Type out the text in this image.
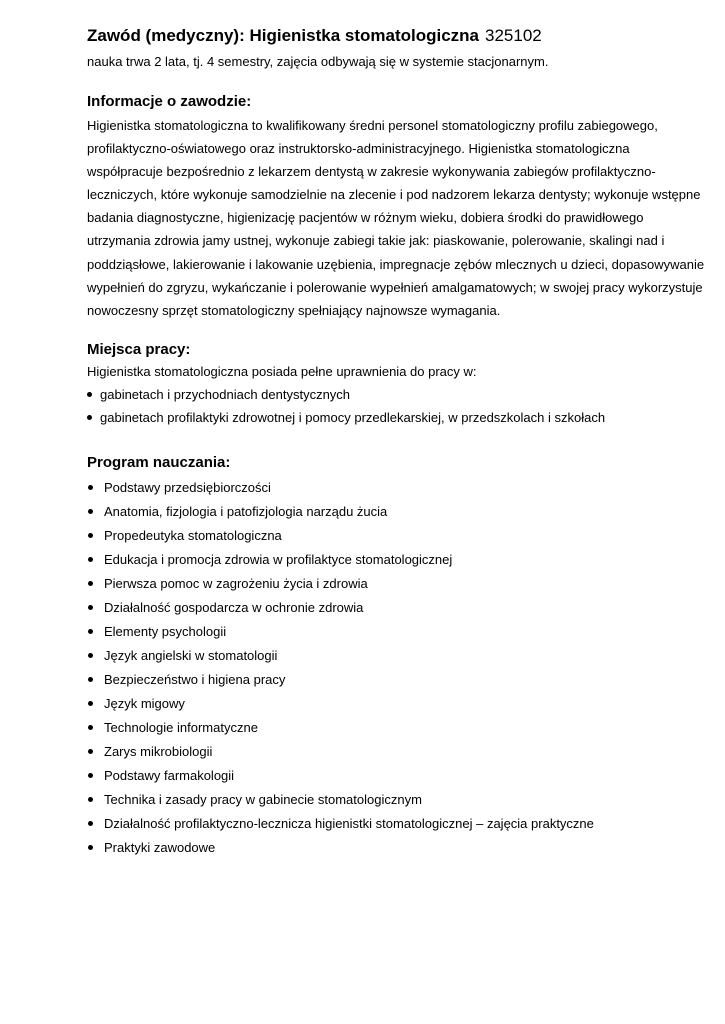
Zawód (medyczny): Higienistka stomatologiczna 325102

nauka trwa 2 lata, tj. 4 semestry, zajęcia odbywają się w systemie stacjonarnym.

Informacje o zawodzie:

Higienistka stomatologiczna to kwalifikowany średni personel stomatologiczny profilu zabiegowego, profilaktyczno-oświatowego oraz instruktorsko-administracyjnego. Higienistka stomatologiczna współpracuje bezpośrednio z lekarzem dentystą w zakresie wykonywania zabiegów profilaktyczno-leczniczych, które wykonuje samodzielnie na zlecenie i pod nadzorem lekarza dentysty; wykonuje wstępne badania diagnostyczne, higienizację pacjentów w różnym wieku, dobiera środki do prawidłowego utrzymania zdrowia jamy ustnej, wykonuje zabiegi takie jak: piaskowanie, polerowanie, skalingi nad i poddziąsłowe, lakierowanie i lakowanie uzębienia, impregnacje zębów mlecznych u dzieci, dopasowywanie wypełnień do zgryzu, wykańczanie i polerowanie wypełnień amalgamatowych; w swojej pracy wykorzystuje nowoczesny sprzęt stomatologiczny spełniający najnowsze wymagania.

Miejsca pracy:

Higienistka stomatologiczna posiada pełne uprawnienia do pracy w:

gabinetach i przychodniach dentystycznych
gabinetach profilaktyki zdrowotnej i pomocy przedlekarskiej, w przedszkolach i szkołach
Program nauczania:
Podstawy przedsiębiorczości
Anatomia, fizjologia i patofizjologia narządu żucia
Propedeutyka stomatologiczna
Edukacja i promocja zdrowia w profilaktyce stomatologicznej
Pierwsza pomoc w zagrożeniu życia i zdrowia
Działalność gospodarcza w ochronie zdrowia
Elementy psychologii
Język angielski w stomatologii
Bezpieczeństwo i higiena pracy
Język migowy
Technologie informatyczne
Zarys mikrobiologii
Podstawy farmakologii
Technika i zasady pracy w gabinecie stomatologicznym
Działalność profilaktyczno-lecznicza higienistki stomatologicznej – zajęcia praktyczne
Praktyki zawodowe
